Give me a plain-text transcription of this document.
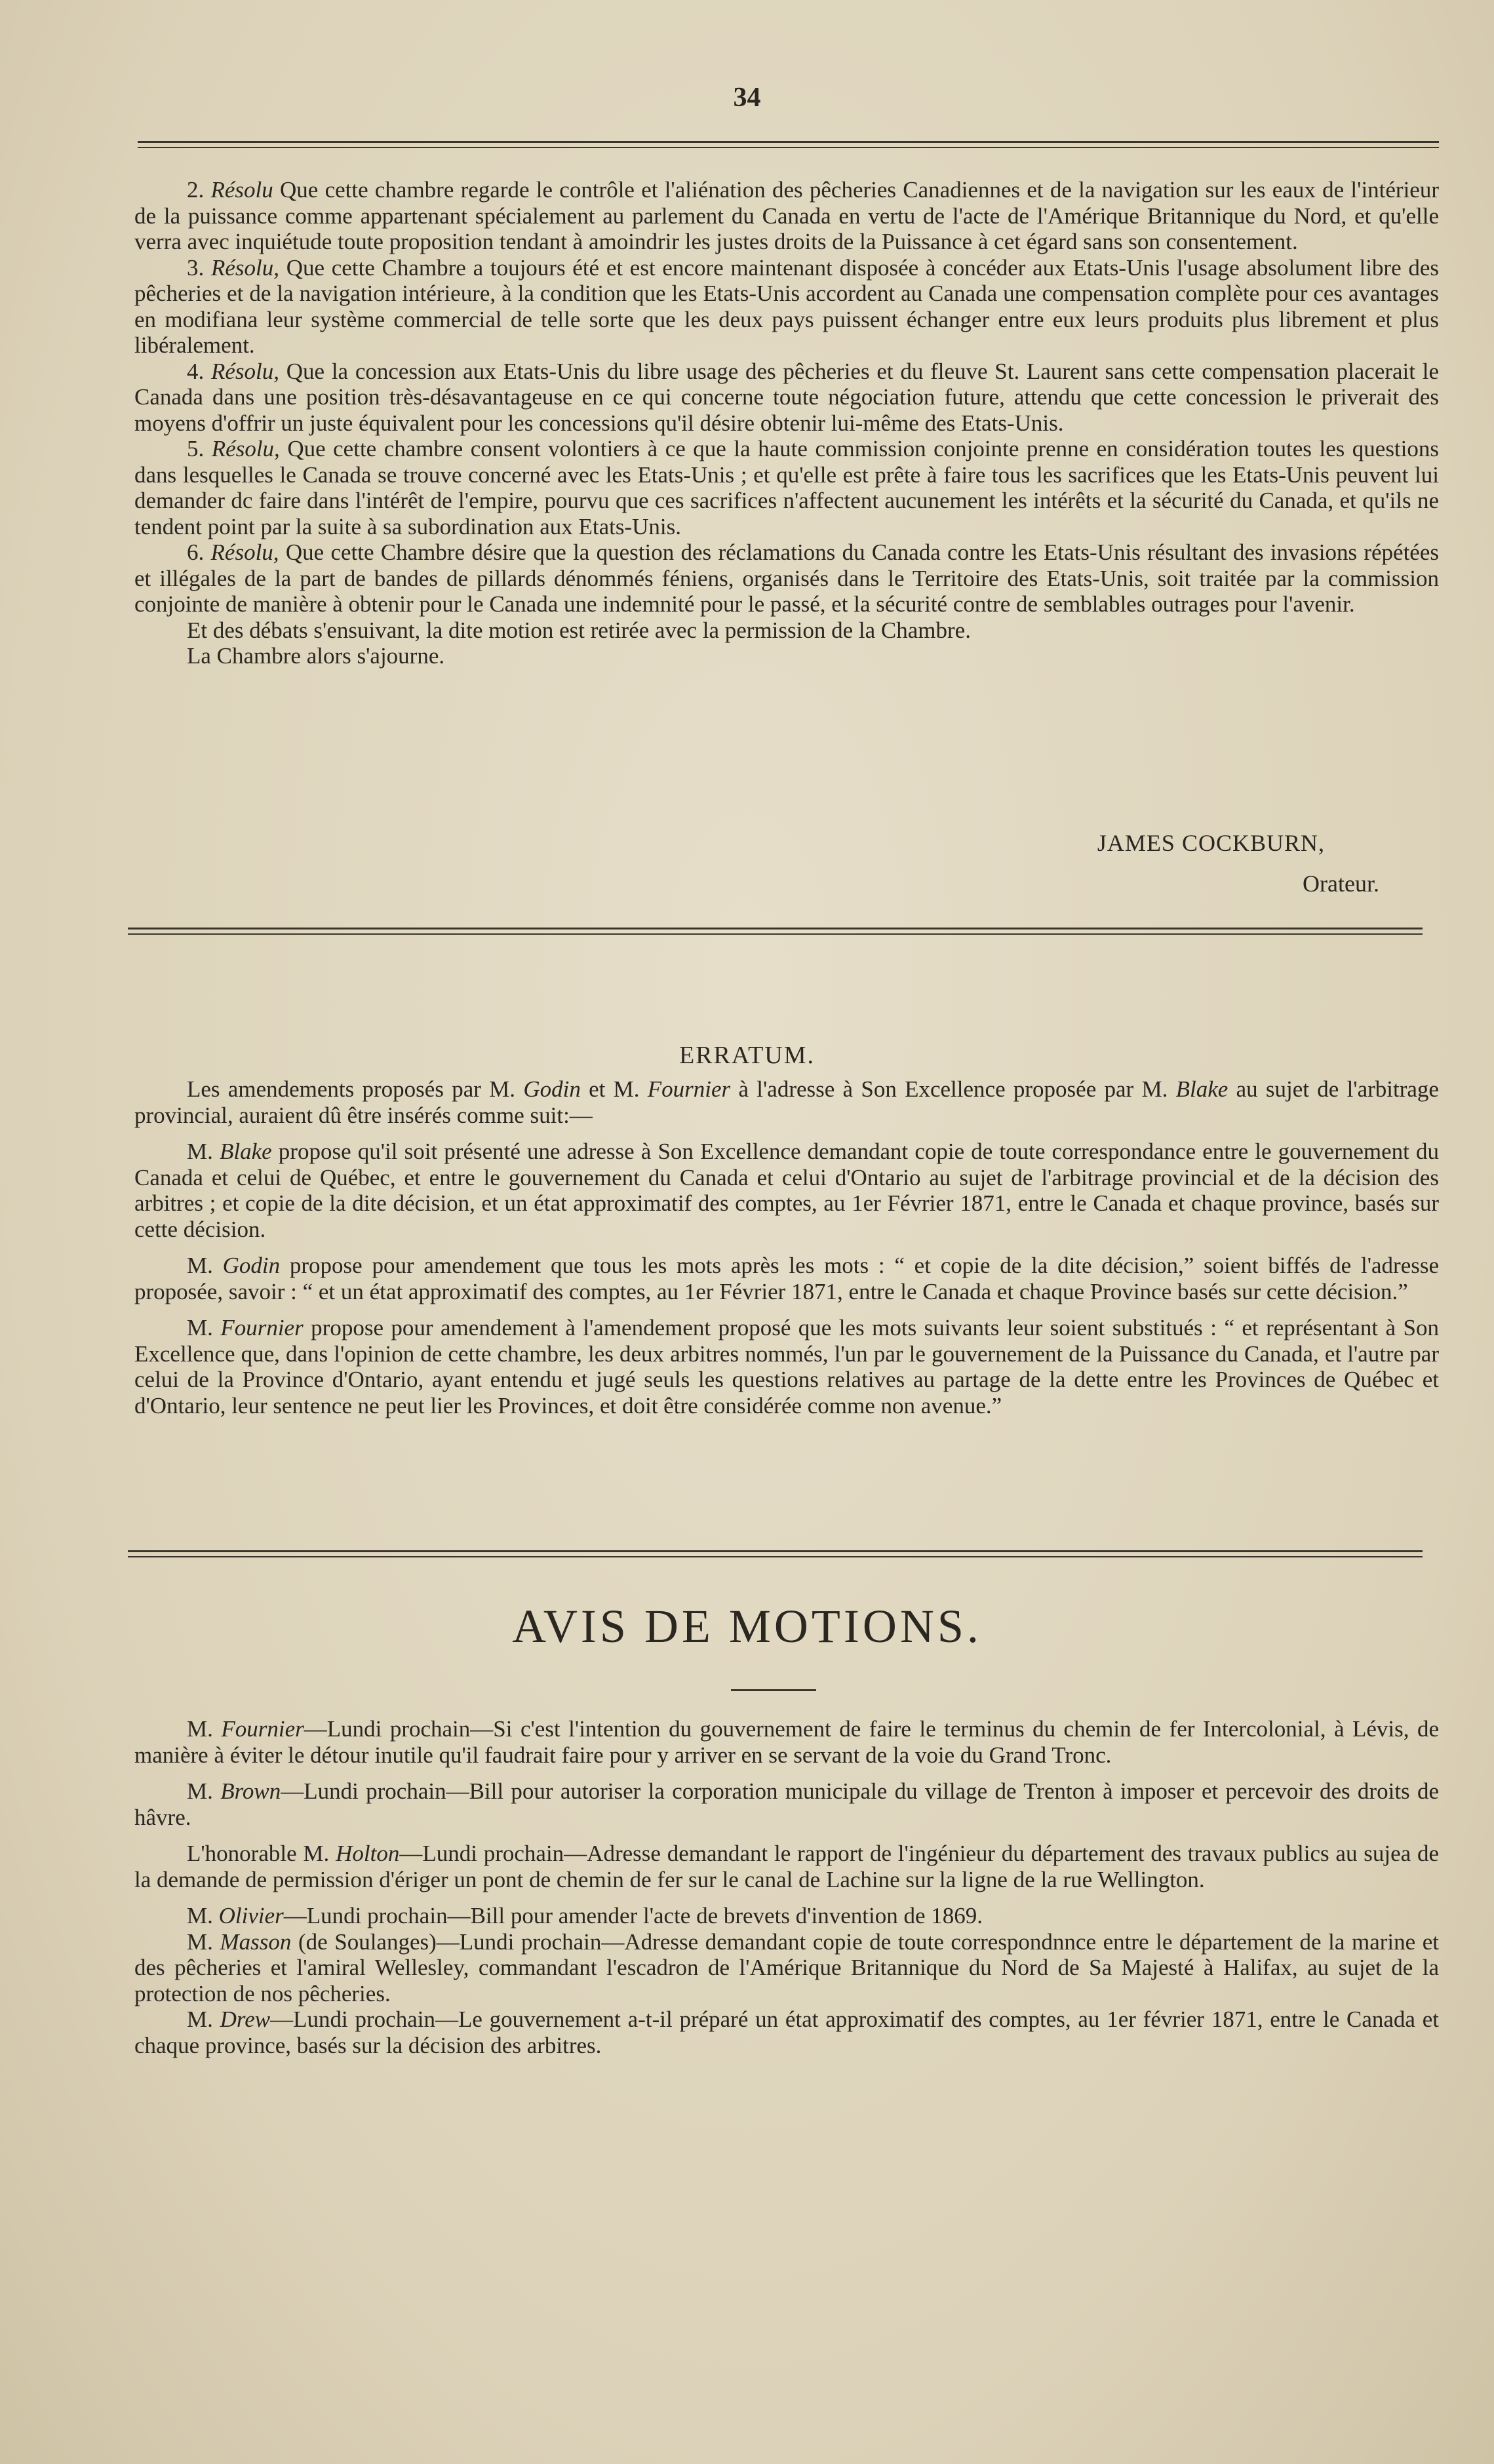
34

2. Résolu Que cette chambre regarde le contrôle et l'aliénation des pêcheries Canadiennes et de la navigation sur les eaux de l'intérieur de la puissance comme appartenant spécialement au parlement du Canada en vertu de l'acte de l'Amérique Britannique du Nord, et qu'elle verra avec inquiétude toute proposition tendant à amoindrir les justes droits de la Puissance à cet égard sans son consentement.

3. Résolu, Que cette Chambre a toujours été et est encore maintenant disposée à concéder aux Etats-Unis l'usage absolument libre des pêcheries et de la navigation intérieure, à la condition que les Etats-Unis accordent au Canada une compensation complète pour ces avantages en modifiana leur système commercial de telle sorte que les deux pays puissent échanger entre eux leurs produits plus librement et plus libéralement.

4. Résolu, Que la concession aux Etats-Unis du libre usage des pêcheries et du fleuve St. Laurent sans cette compensation placerait le Canada dans une position très-désavantageuse en ce qui concerne toute négociation future, attendu que cette concession le priverait des moyens d'offrir un juste équivalent pour les concessions qu'il désire obtenir lui-même des Etats-Unis.

5. Résolu, Que cette chambre consent volontiers à ce que la haute commission conjointe prenne en considération toutes les questions dans lesquelles le Canada se trouve concerné avec les Etats-Unis ; et qu'elle est prête à faire tous les sacrifices que les Etats-Unis peuvent lui demander dc faire dans l'intérêt de l'empire, pourvu que ces sacrifices n'affectent aucunement les intérêts et la sécurité du Canada, et qu'ils ne tendent point par la suite à sa subordination aux Etats-Unis.

6. Résolu, Que cette Chambre désire que la question des réclamations du Canada contre les Etats-Unis résultant des invasions répétées et illégales de la part de bandes de pillards dénommés féniens, organisés dans le Territoire des Etats-Unis, soit traitée par la commission conjointe de manière à obtenir pour le Canada une indemnité pour le passé, et la sécurité contre de semblables outrages pour l'avenir.

Et des débats s'ensuivant, la dite motion est retirée avec la permission de la Chambre.

La Chambre alors s'ajourne.

JAMES COCKBURN,
Orateur.
ERRATUM.

Les amendements proposés par M. Godin et M. Fournier à l'adresse à Son Excellence proposée par M. Blake au sujet de l'arbitrage provincial, auraient dû être insérés comme suit:—

M. Blake propose qu'il soit présenté une adresse à Son Excellence demandant copie de toute correspondance entre le gouvernement du Canada et celui de Québec, et entre le gouvernement du Canada et celui d'Ontario au sujet de l'arbitrage provincial et de la décision des arbitres ; et copie de la dite décision, et un état approximatif des comptes, au 1er Février 1871, entre le Canada et chaque province, basés sur cette décision.

M. Godin propose pour amendement que tous les mots après les mots : “ et copie de la dite décision,” soient biffés de l'adresse proposée, savoir : “ et un état approximatif des comptes, au 1er Février 1871, entre le Canada et chaque Province basés sur cette décision.”

M. Fournier propose pour amendement à l'amendement proposé que les mots suivants leur soient substitués : “ et représentant à Son Excellence que, dans l'opinion de cette chambre, les deux arbitres nommés, l'un par le gouvernement de la Puissance du Canada, et l'autre par celui de la Province d'Ontario, ayant entendu et jugé seuls les questions relatives au partage de la dette entre les Provinces de Québec et d'Ontario, leur sentence ne peut lier les Provinces, et doit être considérée comme non avenue.”

AVIS DE MOTIONS.

M. Fournier—Lundi prochain—Si c'est l'intention du gouvernement de faire le terminus du chemin de fer Intercolonial, à Lévis, de manière à éviter le détour inutile qu'il faudrait faire pour y arriver en se servant de la voie du Grand Tronc.

M. Brown—Lundi prochain—Bill pour autoriser la corporation municipale du village de Trenton à imposer et percevoir des droits de hâvre.

L'honorable M. Holton—Lundi prochain—Adresse demandant le rapport de l'ingénieur du département des travaux publics au sujea de la demande de permission d'ériger un pont de chemin de fer sur le canal de Lachine sur la ligne de la rue Wellington.

M. Olivier—Lundi prochain—Bill pour amender l'acte de brevets d'invention de 1869.

M. Masson (de Soulanges)—Lundi prochain—Adresse demandant copie de toute correspondnnce entre le département de la marine et des pêcheries et l'amiral Wellesley, commandant l'escadron de l'Amérique Britannique du Nord de Sa Majesté à Halifax, au sujet de la protection de nos pêcheries.

M. Drew—Lundi prochain—Le gouvernement a-t-il préparé un état approximatif des comptes, au 1er février 1871, entre le Canada et chaque province, basés sur la décision des arbitres.
